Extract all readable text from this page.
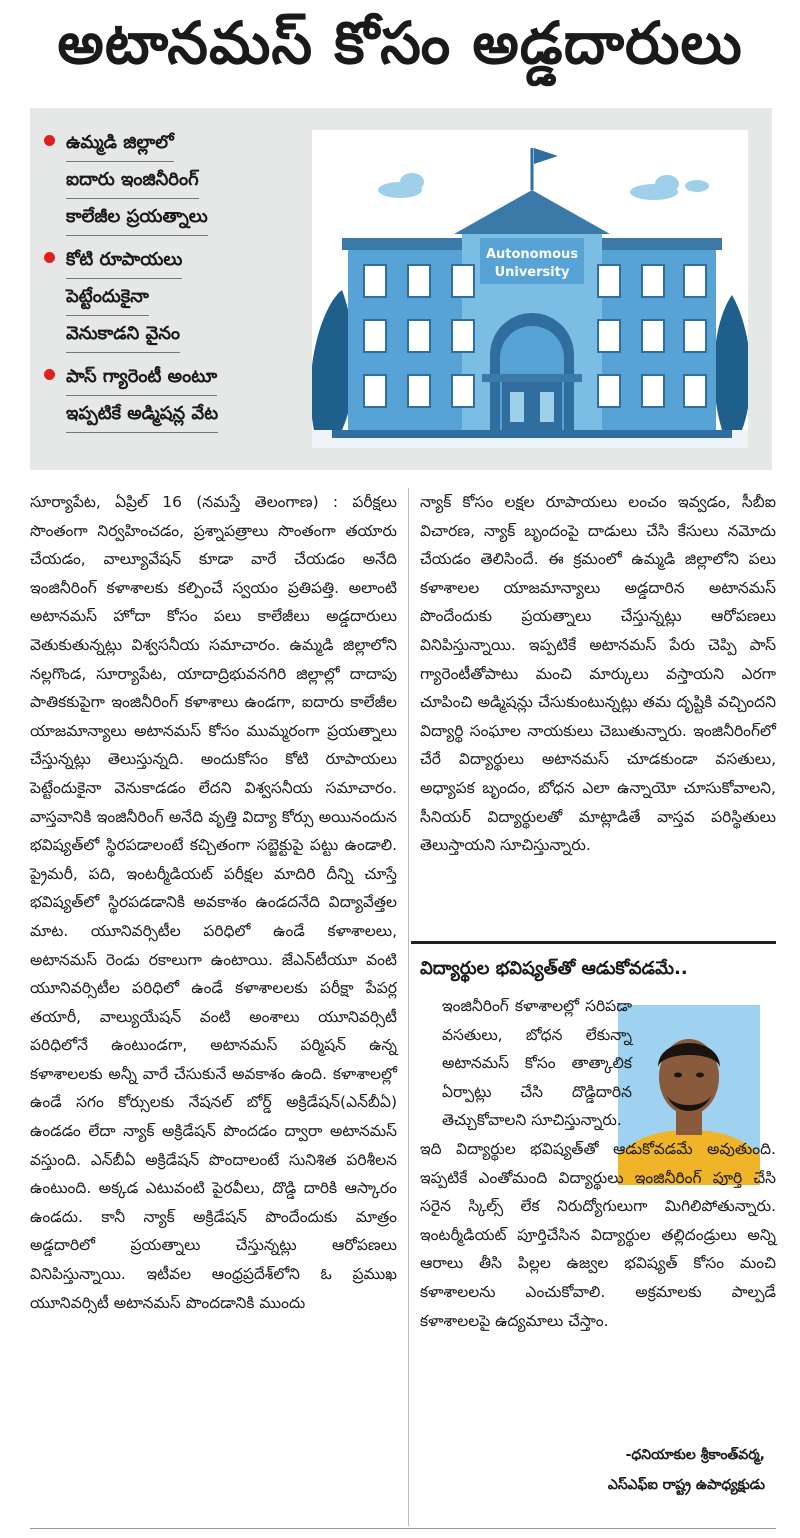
అటానమస్ కోసం అడ్డదారులు
ఉమ్మడి జిల్లాలో
ఐదారు ఇంజినీరింగ్
కాలేజీల ప్రయత్నాలు
కోటి రూపాయలు
పెట్టేందుకైనా
వెనుకాడని వైనం
పాస్ గ్యారెంటీ అంటూ
ఇప్పటికే అడ్మిషన్ల వేట
Autonomous
University
సూర్యాపేట, ఏప్రిల్ 16 (నమస్తే తెలంగాణ) : పరీక్షలు సొంతంగా నిర్వహించడం, ప్రశ్నాపత్రాలు సొంతంగా తయారు చేయడం, వాల్యూవేషన్ కూడా వారే చేయడం అనేది ఇంజినీరింగ్ కళాశాలకు కల్పించే స్వయం ప్రతిపత్తి. అలాంటి అటానమస్ హోదా కోసం పలు కాలేజీలు అడ్డదారులు వెతుకుతున్నట్లు విశ్వసనీయ సమాచారం. ఉమ్మడి జిల్లాలోని నల్లగొండ, సూర్యాపేట, యాదాద్రిభువనగిరి జిల్లాల్లో దాదాపు పాతికకుపైగా ఇంజినీరింగ్ కళాశాలు ఉండగా, ఐదారు కాలేజీల యాజమాన్యాలు అటానమస్ కోసం ముమ్మరంగా ప్రయత్నాలు చేస్తున్నట్లు తెలుస్తున్నది. అందుకోసం కోటి రూపాయలు పెట్టేందుకైనా వెనుకాడడం లేదని విశ్వసనీయ సమాచారం. వాస్తవానికి ఇంజినీరింగ్ అనేది వృత్తి విద్యా కోర్సు అయినందున భవిష్యత్‌లో స్థిరపడాలంటే కచ్చితంగా సబ్జెక్టుపై పట్టు ఉండాలి. ప్రైమరీ, పది, ఇంటర్మీడియట్ పరీక్షల మాదిరి దీన్ని చూస్తే భవిష్యత్‌లో స్థిరపడడానికి అవకాశం ఉండదనేది విద్యావేత్తల మాట. యూనివర్సిటీల పరిధిలో ఉండే కళాశాలలు, అటానమస్ రెండు రకాలుగా ఉంటాయి. జేఎన్‌టీయూ వంటి యూనివర్సిటీల పరిధిలో ఉండే కళాశాలలకు పరీక్షా పేపర్ల తయారీ, వాల్యుయేషన్ వంటి అంశాలు యూనివర్సిటీ పరిధిలోనే ఉంటుండగా, అటానమస్ పర్మిషన్ ఉన్న కళాశాలలకు అన్నీ వారే చేసుకునే అవకాశం ఉంది. కళాశాలల్లో ఉండే సగం కోర్సులకు నేషనల్ బోర్డ్ అక్రిడేషన్(ఎన్‌బీఏ) ఉండడం లేదా న్యాక్ అక్రిడేషన్ పొందడం ద్వారా అటానమస్ వస్తుంది. ఎన్‌బీఏ అక్రిడేషన్ పొందాలంటే సునిశిత పరిశీలన ఉంటుంది. అక్కడ ఎటువంటి పైరవీలు, దొడ్డి దారికి ఆస్కారం ఉండదు. కానీ న్యాక్ అక్రిడేషన్ పొందేందుకు మాత్రం అడ్డదారిలో ప్రయత్నాలు చేస్తున్నట్లు ఆరోపణలు వినిపిస్తున్నాయి. ఇటీవల ఆంధ్రప్రదేశ్‌లోని ఓ ప్రముఖ యూనివర్సిటీ అటానమస్ పొందడానికి ముందు
న్యాక్ కోసం లక్షల రూపాయలు లంచం ఇవ్వడం, సీబీఐ విచారణ, న్యాక్ బృందంపై దాడులు చేసి కేసులు నమోదు చేయడం తెలిసిందే. ఈ క్రమంలో ఉమ్మడి జిల్లాలోని పలు కళాశాలల యాజమాన్యాలు అడ్డదారిన అటానమస్ పొందేందుకు ప్రయత్నాలు చేస్తున్నట్లు ఆరోపణలు వినిపిస్తున్నాయి. ఇప్పటికే అటానమస్ పేరు చెప్పి పాస్ గ్యారెంటీతోపాటు మంచి మార్కులు వస్తాయని ఎరగా చూపించి అడ్మిషన్లు చేసుకుంటున్నట్లు తమ దృష్టికి వచ్చిందని విద్యార్థి సంఘాల నాయకులు చెబుతున్నారు. ఇంజినీరింగ్‌లో చేరే విద్యార్థులు అటానమస్ చూడకుండా వసతులు, అధ్యాపక బృందం, బోధన ఎలా ఉన్నాయో చూసుకోవాలని, సీనియర్ విద్యార్థులతో మాట్లాడితే వాస్తవ పరిస్థితులు తెలుస్తాయని సూచిస్తున్నారు.
విద్యార్థుల భవిష్యత్‌తో ఆడుకోవడమే..
ఇంజినీరింగ్ కళాశాలల్లో సరిపడా వసతులు, బోధన లేకున్నా అటానమస్ కోసం తాత్కాలిక ఏర్పాట్లు చేసి దొడ్డిదారిన తెచ్చుకోవాలని సూచిస్తున్నారు.
ఇది విద్యార్థుల భవిష్యత్‌తో ఆడుకోవడమే అవుతుంది. ఇప్పటికే ఎంతోమంది విద్యార్థులు ఇంజినీరింగ్ పూర్తి చేసి సరైన స్కిల్స్ లేక నిరుద్యోగులుగా మిగిలిపోతున్నారు. ఇంటర్మీడియట్ పూర్తిచేసిన విద్యార్థుల తల్లిదండ్రులు అన్ని ఆరాలు తీసి పిల్లల ఉజ్వల భవిష్యత్ కోసం మంచి కళాశాలలను ఎంచుకోవాలి. అక్రమాలకు పాల్పడే కళాశాలలపై ఉద్యమాలు చేస్తాం.
-ధనియాకుల శ్రీకాంత్‌వర్మ,
ఎస్‌ఎఫ్‌ఐ రాష్ట్ర ఉపాధ్యక్షుడు
